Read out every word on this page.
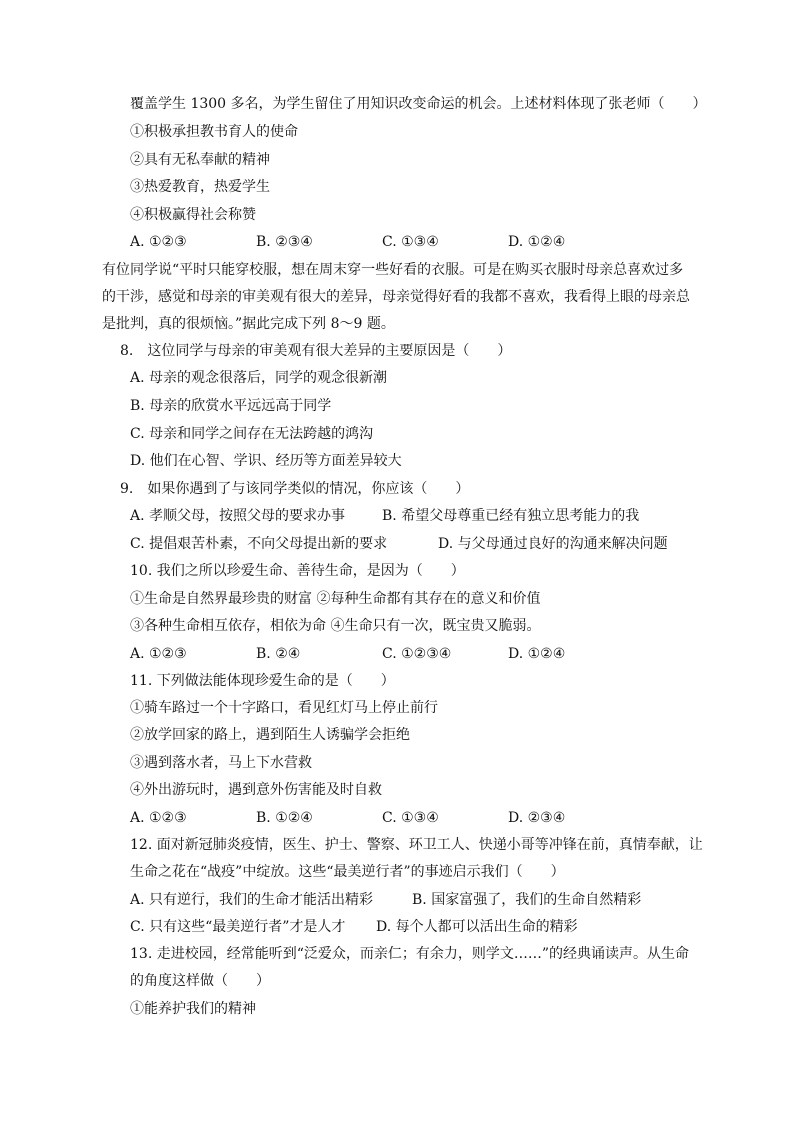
覆盖学生 1300 多名，为学生留住了用知识改变命运的机会。上述材料体现了张老师（　　）
①积极承担教书育人的使命
②具有无私奉献的精神
③热爱教育，热爱学生
④积极赢得社会称赞
A. ①②③	B. ②③④	C. ①③④	D. ①②④
有位同学说“平时只能穿校服，想在周末穿一些好看的衣服。可是在购买衣服时母亲总喜欢过多
的干涉，感觉和母亲的审美观有很大的差异，母亲觉得好看的我都不喜欢，我看得上眼的母亲总
是批判，真的很烦恼。”据此完成下列 8～9 题。
8.　这位同学与母亲的审美观有很大差异的主要原因是（　　）
A. 母亲的观念很落后，同学的观念很新潮
B. 母亲的欣赏水平远远高于同学
C. 母亲和同学之间存在无法跨越的鸿沟
D. 他们在心智、学识、经历等方面差异较大
9.　如果你遇到了与该同学类似的情况，你应该（　　）
A. 孝顺父母，按照父母的要求办事	B. 希望父母尊重已经有独立思考能力的我
C. 提倡艰苦朴素，不向父母提出新的要求	D. 与父母通过良好的沟通来解决问题
10. 我们之所以珍爱生命、善待生命，是因为（　　）
①生命是自然界最珍贵的财富 ②每种生命都有其存在的意义和价值
③各种生命相互依存，相依为命 ④生命只有一次，既宝贵又脆弱。
A. ①②③	B. ②④	C. ①②③④	D. ①②④
11. 下列做法能体现珍爱生命的是（　　）
①骑车路过一个十字路口，看见红灯马上停止前行
②放学回家的路上，遇到陌生人诱骗学会拒绝
③遇到落水者，马上下水营救
④外出游玩时，遇到意外伤害能及时自救
A. ①②③	B. ①②④	C. ①③④	D. ②③④
12. 面对新冠肺炎疫情，医生、护士、警察、环卫工人、快递小哥等冲锋在前，真情奉献，让
生命之花在“战疫”中绽放。这些“最美逆行者”的事迹启示我们（　　）
A. 只有逆行，我们的生命才能活出精彩	B. 国家富强了，我们的生命自然精彩
C. 只有这些“最美逆行者”才是人才 D. 每个人都可以活出生命的精彩
13. 走进校园，经常能听到“泛爱众，而亲仁；有余力，则学文……”的经典诵读声。从生命
的角度这样做（　　）
①能养护我们的精神
